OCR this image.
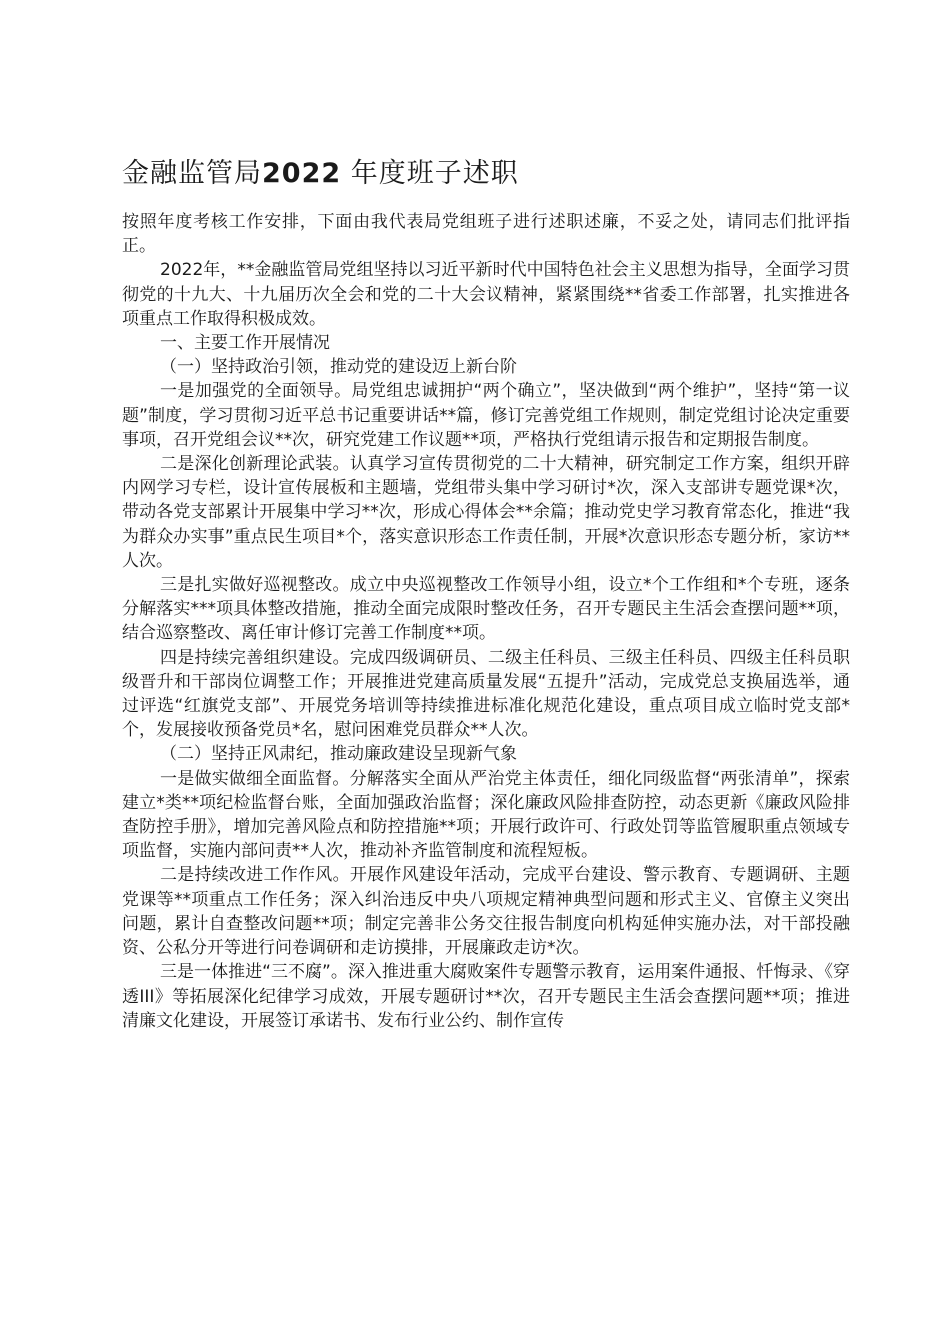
金融监管局2022 年度班子述职

按照年度考核工作安排，下面由我代表局党组班子进行述职述廉，不妥之处，请同志们批评指正。

2022年，**金融监管局党组坚持以习近平新时代中国特色社会主义思想为指导，全面学习贯彻党的十九大、十九届历次全会和党的二十大会议精神，紧紧围绕**省委工作部署，扎实推进各项重点工作取得积极成效。

一、主要工作开展情况

（一）坚持政治引领，推动党的建设迈上新台阶

一是加强党的全面领导。局党组忠诚拥护“两个确立”，坚决做到“两个维护”，坚持“第一议题”制度，学习贯彻习近平总书记重要讲话**篇，修订完善党组工作规则，制定党组讨论决定重要事项，召开党组会议**次，研究党建工作议题**项，严格执行党组请示报告和定期报告制度。

二是深化创新理论武装。认真学习宣传贯彻党的二十大精神，研究制定工作方案，组织开辟内网学习专栏，设计宣传展板和主题墙，党组带头集中学习研讨*次，深入支部讲专题党课*次，带动各党支部累计开展集中学习**次，形成心得体会**余篇；推动党史学习教育常态化，推进“我为群众办实事”重点民生项目*个，落实意识形态工作责任制，开展*次意识形态专题分析，家访**人次。

三是扎实做好巡视整改。成立中央巡视整改工作领导小组，设立*个工作组和*个专班，逐条分解落实***项具体整改措施，推动全面完成限时整改任务，召开专题民主生活会查摆问题**项，结合巡察整改、离任审计修订完善工作制度**项。

四是持续完善组织建设。完成四级调研员、二级主任科员、三级主任科员、四级主任科员职级晋升和干部岗位调整工作；开展推进党建高质量发展“五提升”活动，完成党总支换届选举，通过评选“红旗党支部”、开展党务培训等持续推进标准化规范化建设，重点项目成立临时党支部*个，发展接收预备党员*名，慰问困难党员群众**人次。

（二）坚持正风肃纪，推动廉政建设呈现新气象

一是做实做细全面监督。分解落实全面从严治党主体责任，细化同级监督“两张清单”，探索建立*类**项纪检监督台账，全面加强政治监督；深化廉政风险排查防控，动态更新《廉政风险排查防控手册》，增加完善风险点和防控措施**项；开展行政许可、行政处罚等监管履职重点领域专项监督，实施内部问责**人次，推动补齐监管制度和流程短板。

二是持续改进工作作风。开展作风建设年活动，完成平台建设、警示教育、专题调研、主题党课等**项重点工作任务；深入纠治违反中央八项规定精神典型问题和形式主义、官僚主义突出问题，累计自查整改问题**项；制定完善非公务交往报告制度向机构延伸实施办法，对干部投融资、公私分开等进行问卷调研和走访摸排，开展廉政走访*次。

三是一体推进“三不腐”。深入推进重大腐败案件专题警示教育，运用案件通报、忏悔录、《穿透III》等拓展深化纪律学习成效，开展专题研讨**次，召开专题民主生活会查摆问题**项；推进清廉文化建设，开展签订承诺书、发布行业公约、制作宣传
